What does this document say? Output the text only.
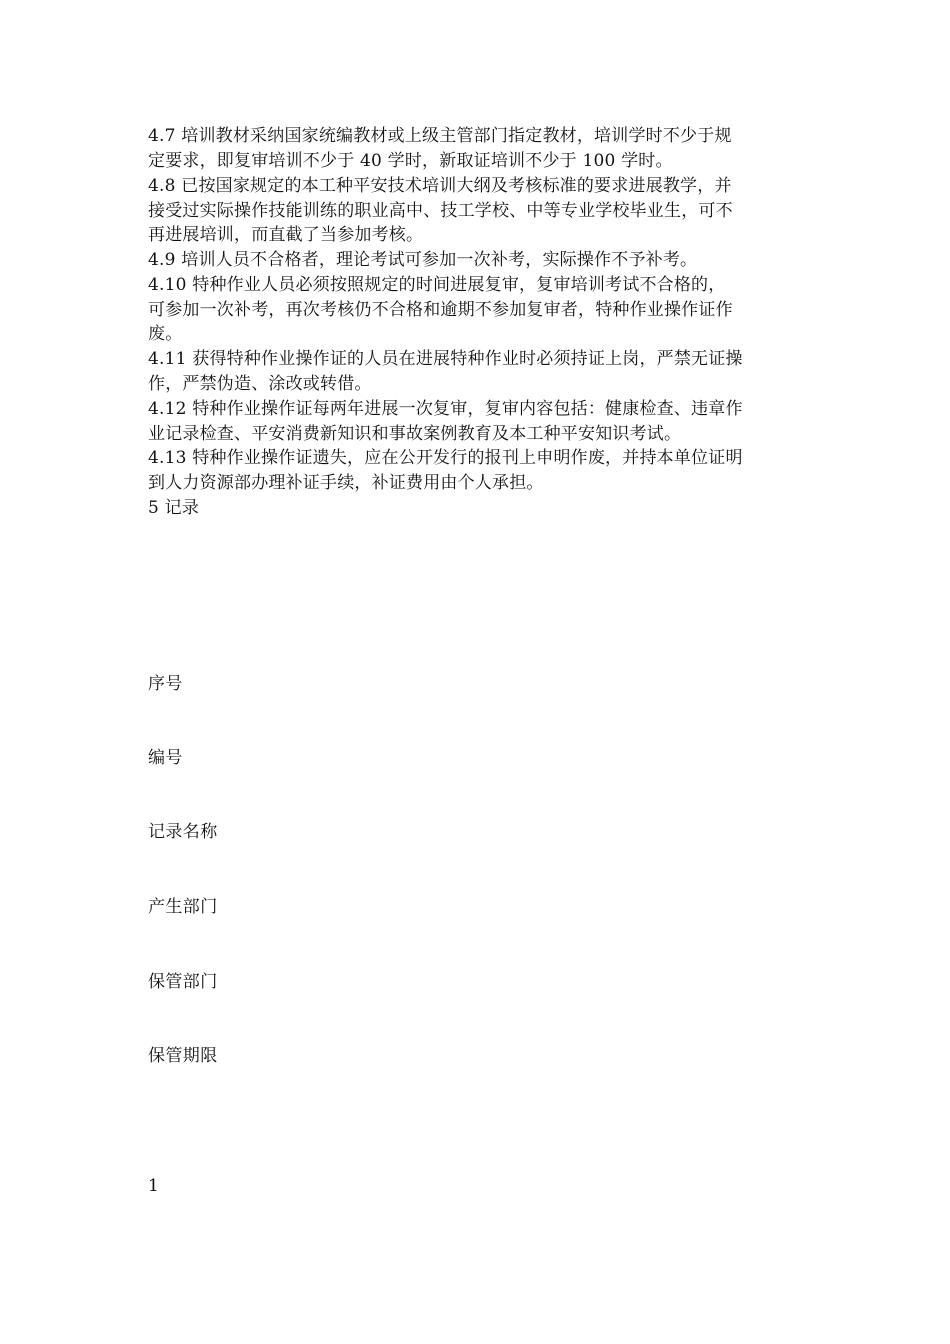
4.7 培训教材采纳国家统编教材或上级主管部门指定教材，培训学时不少于规
定要求，即复审培训不少于 40 学时，新取证培训不少于 100 学时。

4.8 已按国家规定的本工种平安技术培训大纲及考核标准的要求进展教学，并
接受过实际操作技能训练的职业高中、技工学校、中等专业学校毕业生，可不
再进展培训，而直截了当参加考核。

4.9 培训人员不合格者，理论考试可参加一次补考，实际操作不予补考。

4.10 特种作业人员必须按照规定的时间进展复审，复审培训考试不合格的，
可参加一次补考，再次考核仍不合格和逾期不参加复审者，特种作业操作证作
废。

4.11 获得特种作业操作证的人员在进展特种作业时必须持证上岗，严禁无证操
作，严禁伪造、涂改或转借。

4.12 特种作业操作证每两年进展一次复审，复审内容包括：健康检查、违章作
业记录检查、平安消费新知识和事故案例教育及本工种平安知识考试。

4.13 特种作业操作证遗失，应在公开发行的报刊上申明作废，并持本单位证明
到人力资源部办理补证手续，补证费用由个人承担。

5 记录

序号

编号

记录名称

产生部门

保管部门

保管期限

1
